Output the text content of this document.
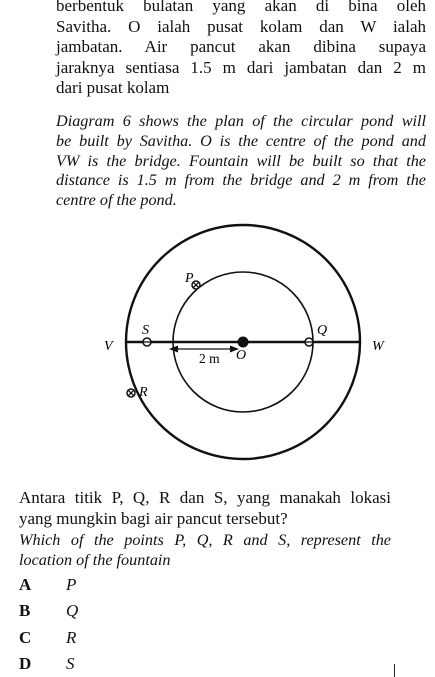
berbentuk bulatan yang akan di bina oleh
Savitha. O ialah pusat kolam dan W ialah
jambatan. Air pancut akan dibina supaya
jaraknya sentiasa 1.5 m dari jambatan dan 2 m
dari pusat kolam
Diagram 6 shows the plan of the circular pond will
be built by Savitha. O is the centre of the pond and
VW is the bridge. Fountain will be built so that the
distance is 1.5 m from the bridge and 2 m from the
centre of the pond.
P
S	Q
R
V	W
O
2 m
Antara titik P, Q, R dan S, yang manakah lokasi
yang mungkin bagi air pancut tersebut?
Which of the points P, Q, R and S, represent the
location of the fountain
A P
B Q
C R
D S
